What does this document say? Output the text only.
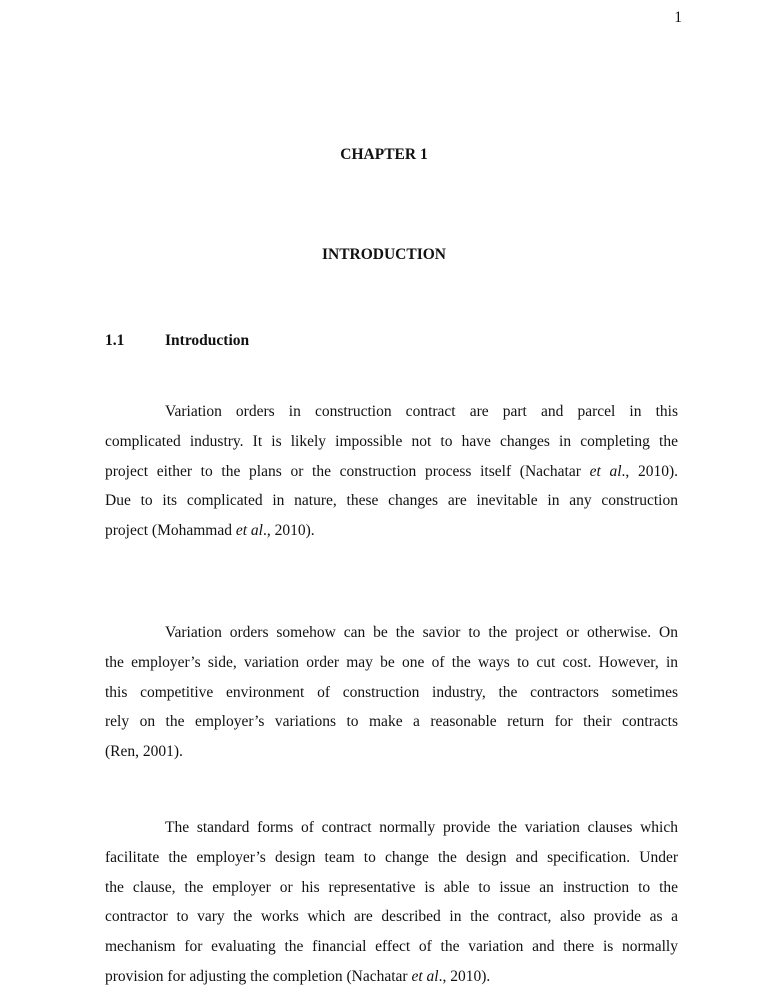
1
CHAPTER 1
INTRODUCTION
1.1	Introduction
Variation orders in construction contract are part and parcel in this
complicated industry. It is likely impossible not to have changes in completing the
project either to the plans or the construction process itself (Nachatar et al., 2010).
Due to its complicated in nature, these changes are inevitable in any construction
project (Mohammad et al., 2010).
Variation orders somehow can be the savior to the project or otherwise. On
the employer’s side, variation order may be one of the ways to cut cost. However, in
this competitive environment of construction industry, the contractors sometimes
rely on the employer’s variations to make a reasonable return for their contracts
(Ren, 2001).
The standard forms of contract normally provide the variation clauses which
facilitate the employer’s design team to change the design and specification. Under
the clause, the employer or his representative is able to issue an instruction to the
contractor to vary the works which are described in the contract, also provide as a
mechanism for evaluating the financial effect of the variation and there is normally
provision for adjusting the completion (Nachatar et al., 2010).
